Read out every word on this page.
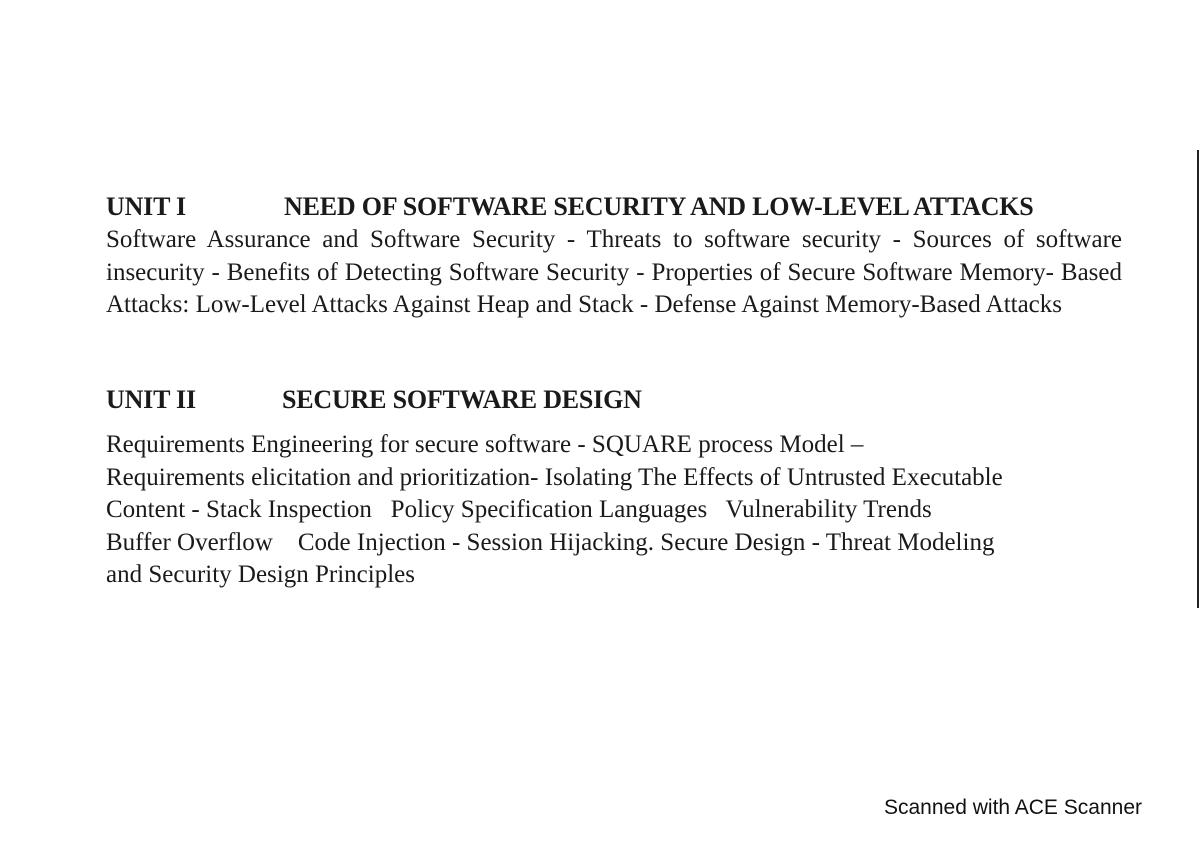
UNIT I	NEED OF SOFTWARE SECURITY AND LOW-LEVEL ATTACKS
Software Assurance and Software Security - Threats to software security - Sources of software insecurity - Benefits of Detecting Software Security - Properties of Secure Software Memory- Based Attacks: Low-Level Attacks Against Heap and Stack - Defense Against Memory-Based Attacks
UNIT II	SECURE SOFTWARE DESIGN
Requirements Engineering for secure software - SQUARE process Model –
Requirements elicitation and prioritization- Isolating The Effects of Untrusted Executable
Content - Stack Inspection   Policy Specification Languages   Vulnerability Trends
Buffer Overflow    Code Injection - Session Hijacking. Secure Design - Threat Modeling
and Security Design Principles
Scanned with ACE Scanner
